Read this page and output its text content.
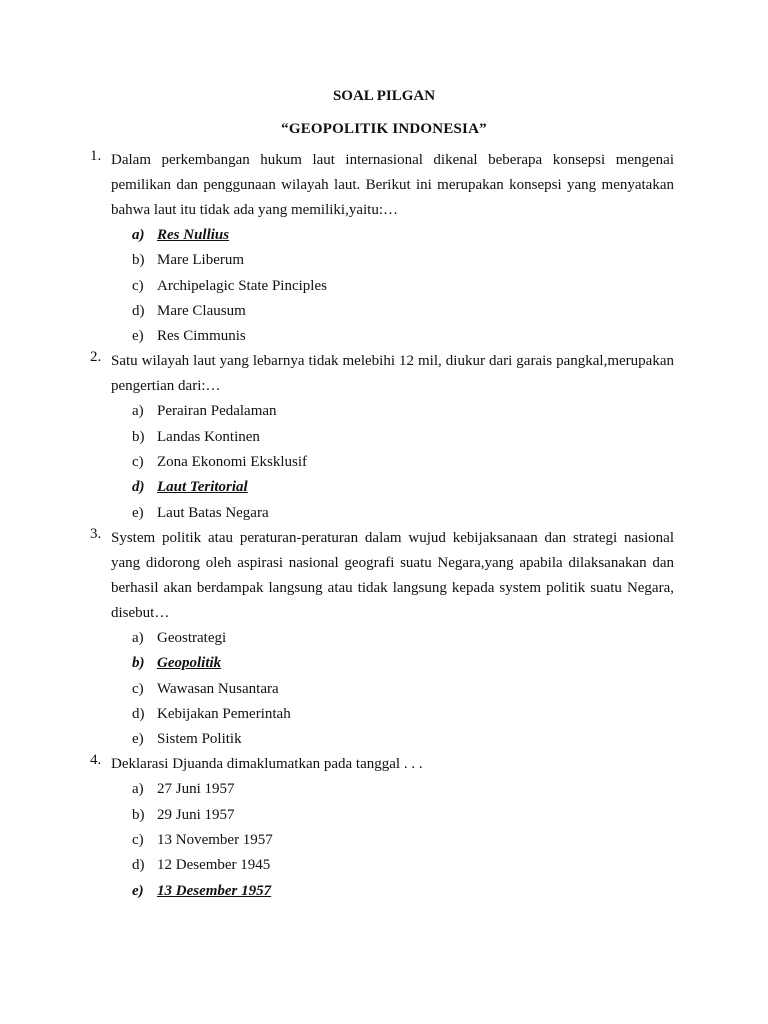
SOAL PILGAN
“GEOPOLITIK INDONESIA”
1. Dalam perkembangan hukum laut internasional dikenal beberapa konsepsi mengenai pemilikan dan penggunaan wilayah laut. Berikut ini merupakan konsepsi yang menyatakan bahwa laut itu tidak ada yang memiliki,yaitu:…
a) Res Nullius
b) Mare Liberum
c) Archipelagic State Pinciples
d) Mare Clausum
e) Res Cimmunis
2. Satu wilayah laut yang lebarnya tidak melebihi 12 mil, diukur dari garais pangkal,merupakan pengertian dari:…
a) Perairan Pedalaman
b) Landas Kontinen
c) Zona Ekonomi Eksklusif
d) Laut Teritorial
e) Laut Batas Negara
3. System politik atau peraturan-peraturan dalam wujud kebijaksanaan dan strategi nasional yang didorong oleh aspirasi nasional geografi suatu Negara,yang apabila dilaksanakan dan berhasil akan berdampak langsung atau tidak langsung kepada system politik suatu Negara, disebut…
a) Geostrategi
b) Geopolitik
c) Wawasan Nusantara
d) Kebijakan Pemerintah
e) Sistem Politik
4. Deklarasi Djuanda dimaklumatkan pada tanggal . . .
a) 27 Juni 1957
b) 29 Juni 1957
c) 13 November 1957
d) 12 Desember 1945
e) 13 Desember 1957
